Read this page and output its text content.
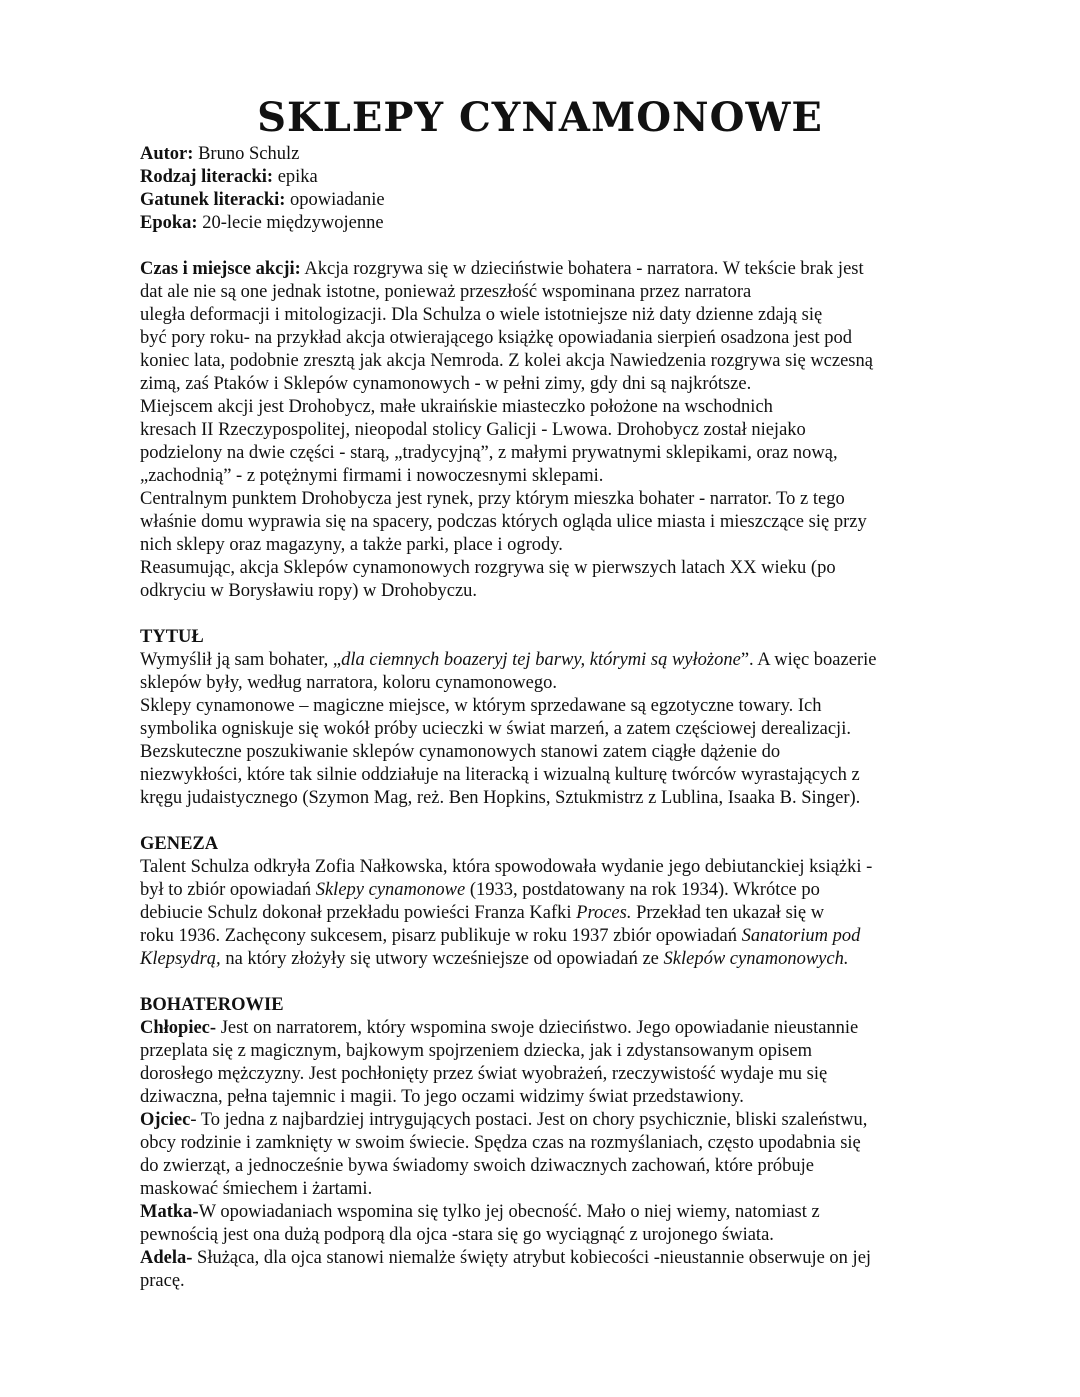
SKLEPY CYNAMONOWE
Autor: Bruno Schulz
Rodzaj literacki: epika
Gatunek literacki: opowiadanie
Epoka: 20-lecie międzywojenne
Czas i miejsce akcji: Akcja rozgrywa się w dzieciństwie bohatera - narratora. W tekście brak jest
dat ale nie są one jednak istotne, ponieważ przeszłość wspominana przez narratora
uległa deformacji i mitologizacji. Dla Schulza o wiele istotniejsze niż daty dzienne zdają się
być pory roku- na przykład akcja otwierającego książkę opowiadania sierpień osadzona jest pod
koniec lata, podobnie zresztą jak akcja Nemroda. Z kolei akcja Nawiedzenia rozgrywa się wczesną
zimą, zaś Ptaków i Sklepów cynamonowych - w pełni zimy, gdy dni są najkrótsze.
Miejscem akcji jest Drohobycz, małe ukraińskie miasteczko położone na wschodnich
kresach II Rzeczypospolitej, nieopodal stolicy Galicji - Lwowa. Drohobycz został niejako
podzielony na dwie części - starą, „tradycyjną”, z małymi prywatnymi sklepikami, oraz nową,
„zachodnią” - z potężnymi firmami i nowoczesnymi sklepami.
Centralnym punktem Drohobycza jest rynek, przy którym mieszka bohater - narrator. To z tego
właśnie domu wyprawia się na spacery, podczas których ogląda ulice miasta i mieszczące się przy
nich sklepy oraz magazyny, a także parki, place i ogrody.
Reasumując, akcja Sklepów cynamonowych rozgrywa się w pierwszych latach XX wieku (po
odkryciu w Borysławiu ropy) w Drohobyczu.
TYTUŁ
Wymyślił ją sam bohater, „dla ciemnych boazeryj tej barwy, którymi są wyłożone”. A więc boazerie
sklepów były, według narratora, koloru cynamonowego.
Sklepy cynamonowe – magiczne miejsce, w którym sprzedawane są egzotyczne towary. Ich
symbolika ogniskuje się wokół próby ucieczki w świat marzeń, a zatem częściowej derealizacji.
Bezskuteczne poszukiwanie sklepów cynamonowych stanowi zatem ciągłe dążenie do
niezwykłości, które tak silnie oddziałuje na literacką i wizualną kulturę twórców wyrastających z
kręgu judaistycznego (Szymon Mag, reż. Ben Hopkins, Sztukmistrz z Lublina, Isaaka B. Singer).
GENEZA
Talent Schulza odkryła Zofia Nałkowska, która spowodowała wydanie jego debiutanckiej książki -
był to zbiór opowiadań Sklepy cynamonowe (1933, postdatowany na rok 1934). Wkrótce po
debiucie Schulz dokonał przekładu powieści Franza Kafki Proces. Przekład ten ukazał się w
roku 1936. Zachęcony sukcesem, pisarz publikuje w roku 1937 zbiór opowiadań Sanatorium pod
Klepsydrą, na który złożyły się utwory wcześniejsze od opowiadań ze Sklepów cynamonowych.
BOHATEROWIE
Chłopiec- Jest on narratorem, który wspomina swoje dzieciństwo. Jego opowiadanie nieustannie
przeplata się z magicznym, bajkowym spojrzeniem dziecka, jak i zdystansowanym opisem
dorosłego mężczyzny. Jest pochłonięty przez świat wyobrażeń, rzeczywistość wydaje mu się
dziwaczna, pełna tajemnic i magii. To jego oczami widzimy świat przedstawiony.
Ojciec- To jedna z najbardziej intrygujących postaci. Jest on chory psychicznie, bliski szaleństwu,
obcy rodzinie i zamknięty w swoim świecie. Spędza czas na rozmyślaniach, często upodabnia się
do zwierząt, a jednocześnie bywa świadomy swoich dziwacznych zachowań, które próbuje
maskować śmiechem i żartami.
Matka-W opowiadaniach wspomina się tylko jej obecność. Mało o niej wiemy, natomiast z
pewnością jest ona dużą podporą dla ojca -stara się go wyciągnąć z urojonego świata.
Adela- Służąca, dla ojca stanowi niemalże święty atrybut kobiecości -nieustannie obserwuje on jej
pracę.
